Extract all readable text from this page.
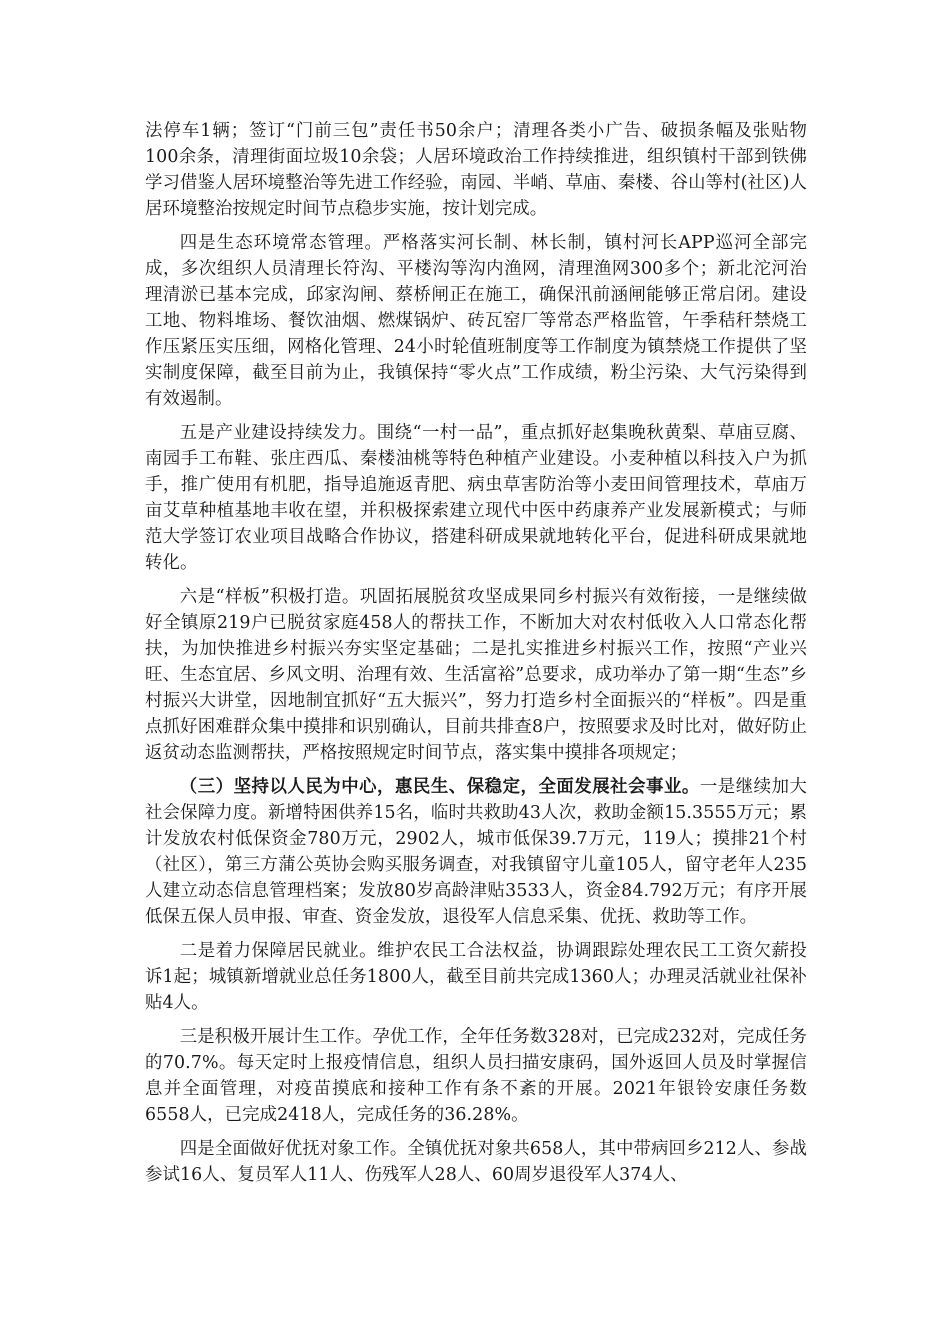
法停车1辆；签订“门前三包”责任书50余户；清理各类小广告、破损条幅及张贴物100余条，清理街面垃圾10余袋；人居环境政治工作持续推进，组织镇村干部到铁佛学习借鉴人居环境整治等先进工作经验，南园、半峭、草庙、秦楼、谷山等村(社区)人居环境整治按规定时间节点稳步实施，按计划完成。

四是生态环境常态管理。严格落实河长制、林长制，镇村河长APP巡河全部完成，多次组织人员清理长符沟、平楼沟等沟内渔网，清理渔网300多个；新北沱河治理清淤已基本完成，邱家沟闸、蔡桥闸正在施工，确保汛前涵闸能够正常启闭。建设工地、物料堆场、餐饮油烟、燃煤锅炉、砖瓦窑厂等常态严格监管，午季秸秆禁烧工作压紧压实压细，网格化管理、24小时轮值班制度等工作制度为镇禁烧工作提供了坚实制度保障，截至目前为止，我镇保持“零火点”工作成绩，粉尘污染、大气污染得到有效遏制。

五是产业建设持续发力。围绕“一村一品”，重点抓好赵集晚秋黄梨、草庙豆腐、南园手工布鞋、张庄西瓜、秦楼油桃等特色种植产业建设。小麦种植以科技入户为抓手，推广使用有机肥，指导追施返青肥、病虫草害防治等小麦田间管理技术，草庙万亩艾草种植基地丰收在望，并积极探索建立现代中医中药康养产业发展新模式；与师范大学签订农业项目战略合作协议，搭建科研成果就地转化平台，促进科研成果就地转化。

六是“样板”积极打造。巩固拓展脱贫攻坚成果同乡村振兴有效衔接，一是继续做好全镇原219户已脱贫家庭458人的帮扶工作，不断加大对农村低收入人口常态化帮扶，为加快推进乡村振兴夯实坚定基础；二是扎实推进乡村振兴工作，按照“产业兴旺、生态宜居、乡风文明、治理有效、生活富裕”总要求，成功举办了第一期“生态”乡村振兴大讲堂，因地制宜抓好“五大振兴”，努力打造乡村全面振兴的“样板”。四是重点抓好困难群众集中摸排和识别确认，目前共排查8户，按照要求及时比对，做好防止返贫动态监测帮扶，严格按照规定时间节点，落实集中摸排各项规定；

（三）坚持以人民为中心，惠民生、保稳定，全面发展社会事业。一是继续加大社会保障力度。新增特困供养15名，临时共救助43人次，救助金额15.3555万元；累计发放农村低保资金780万元，2902人，城市低保39.7万元，119人；摸排21个村（社区），第三方蒲公英协会购买服务调查，对我镇留守儿童105人，留守老年人235人建立动态信息管理档案；发放80岁高龄津贴3533人，资金84.792万元；有序开展低保五保人员申报、审查、资金发放，退役军人信息采集、优抚、救助等工作。

二是着力保障居民就业。维护农民工合法权益，协调跟踪处理农民工工资欠薪投诉1起；城镇新增就业总任务1800人，截至目前共完成1360人；办理灵活就业社保补贴4人。

三是积极开展计生工作。孕优工作，全年任务数328对，已完成232对，完成任务的70.7%。每天定时上报疫情信息，组织人员扫描安康码，国外返回人员及时掌握信息并全面管理，对疫苗摸底和接种工作有条不紊的开展。2021年银铃安康任务数6558人，已完成2418人，完成任务的36.28%。

四是全面做好优抚对象工作。全镇优抚对象共658人，其中带病回乡212人、参战参试16人、复员军人11人、伤残军人28人、60周岁退役军人374人、
